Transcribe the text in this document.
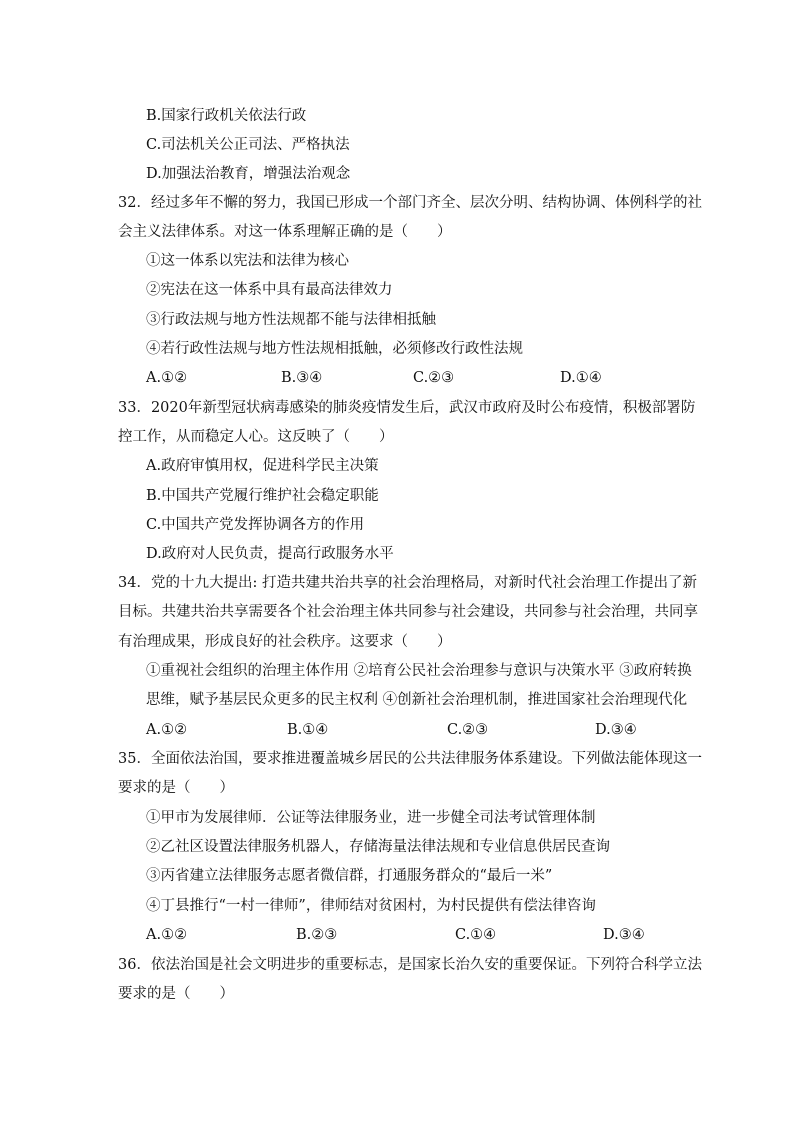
B.国家行政机关依法行政
C.司法机关公正司法、严格执法
D.加强法治教育，增强法治观念
32．经过多年不懈的努力，我国已形成一个部门齐全、层次分明、结构协调、体例科学的社
会主义法律体系。对这一体系理解正确的是（　　）
①这一体系以宪法和法律为核心
②宪法在这一体系中具有最高法律效力
③行政法规与地方性法规都不能与法律相抵触
④若行政性法规与地方性法规相抵触，必须修改行政性法规
A.①②	B.③④	C.②③	D.①④
33．2020年新型冠状病毒感染的肺炎疫情发生后，武汉市政府及时公布疫情，积极部署防
控工作，从而稳定人心。这反映了（　　）
A.政府审慎用权，促进科学民主决策
B.中国共产党履行维护社会稳定职能
C.中国共产党发挥协调各方的作用
D.政府对人民负责，提高行政服务水平
34．党的十九大提出: 打造共建共治共享的社会治理格局，对新时代社会治理工作提出了新
目标。共建共治共享需要各个社会治理主体共同参与社会建设，共同参与社会治理，共同享
有治理成果，形成良好的社会秩序。这要求（　　）
①重视社会组织的治理主体作用 ②培育公民社会治理参与意识与决策水平 ③政府转换
思维，赋予基层民众更多的民主权利 ④创新社会治理机制，推进国家社会治理现代化
A.①②	B.①④	C.②③	D.③④
35．全面依法治国，要求推进覆盖城乡居民的公共法律服务体系建设。下列做法能体现这一
要求的是（　　）
①甲市为发展律师．公证等法律服务业，进一步健全司法考试管理体制
②乙社区设置法律服务机器人，存储海量法律法规和专业信息供居民查询
③丙省建立法律服务志愿者微信群，打通服务群众的“最后一米”
④丁县推行“一村一律师”，律师结对贫困村，为村民提供有偿法律咨询
A.①②	B.②③	C.①④	D.③④
36．依法治国是社会文明进步的重要标志，是国家长治久安的重要保证。下列符合科学立法
要求的是（　　）
